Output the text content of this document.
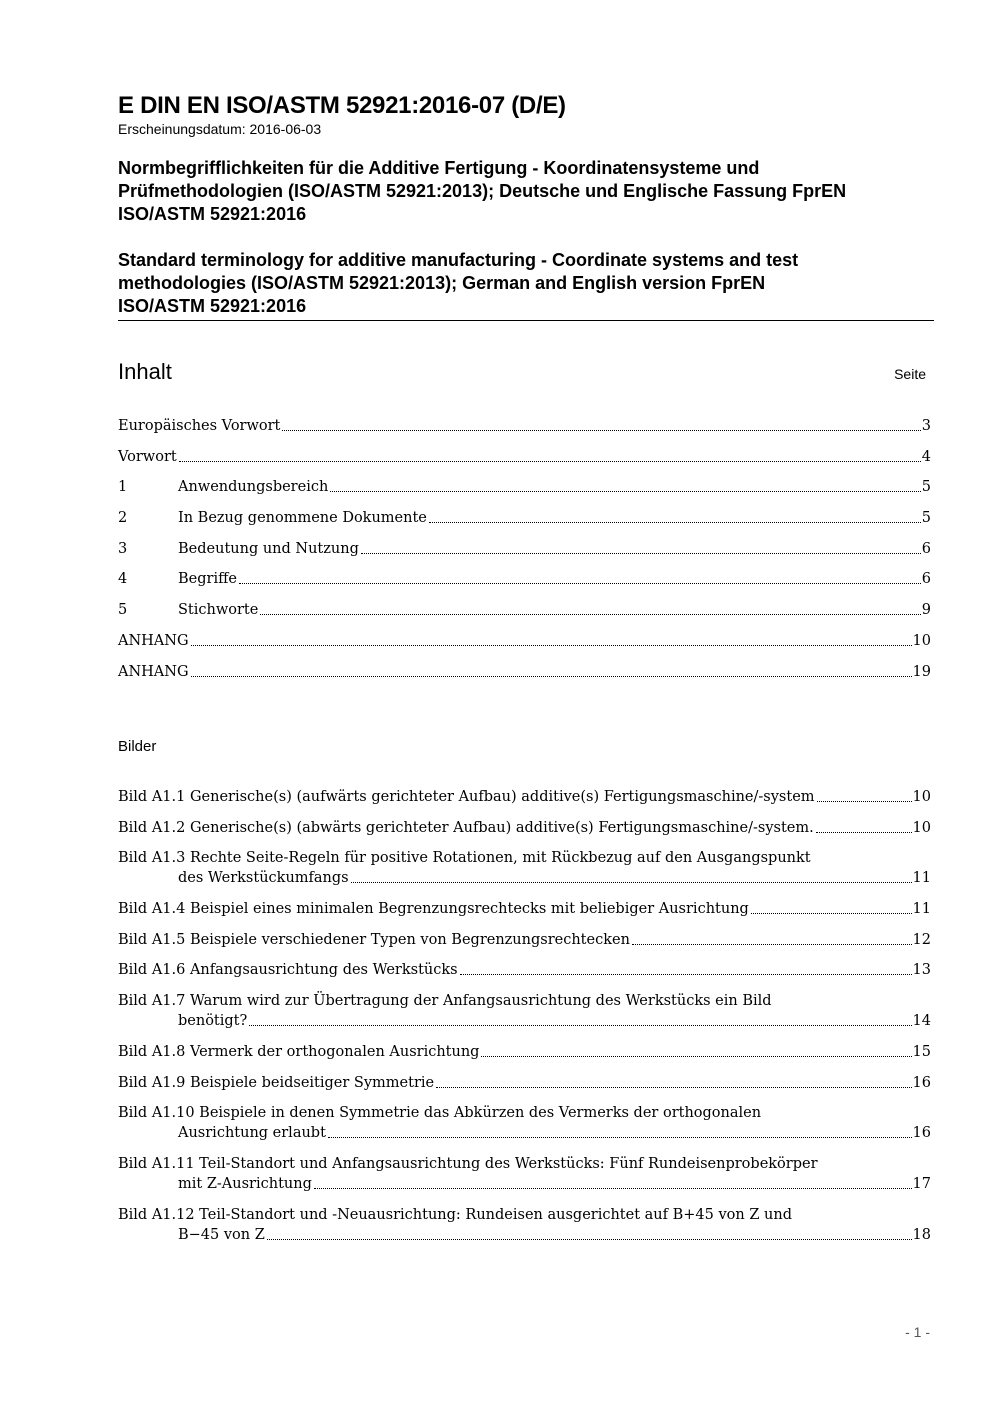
E DIN EN ISO/ASTM 52921:2016-07 (D/E)

Erscheinungsdatum: 2016-06-03

Normbegrifflichkeiten für die Additive Fertigung - Koordinatensysteme und
Prüfmethodologien (ISO/ASTM 52921:2013); Deutsche und Englische Fassung FprEN
ISO/ASTM 52921:2016
Standard terminology for additive manufacturing - Coordinate systems and test
methodologies (ISO/ASTM 52921:2013); German and English version FprEN
ISO/ASTM 52921:2016
Inhalt	Seite
Europäisches Vorwort	3
Vorwort	4
1	Anwendungsbereich	5
2	In Bezug genommene Dokumente	5
3	Bedeutung und Nutzung	6
4	Begriffe	6
5	Stichworte	9
ANHANG	10
ANHANG	19
Bilder
Bild A1.1 Generische(s) (aufwärts gerichteter Aufbau) additive(s) Fertigungsmaschine/-system	10
Bild A1.2 Generische(s) (abwärts gerichteter Aufbau) additive(s) Fertigungsmaschine/-system.	10
Bild A1.3 Rechte Seite-Regeln für positive Rotationen, mit Rückbezug auf den Ausgangspunkt
des Werkstückumfangs	11
Bild A1.4 Beispiel eines minimalen Begrenzungsrechtecks mit beliebiger Ausrichtung	11
Bild A1.5 Beispiele verschiedener Typen von Begrenzungsrechtecken	12
Bild A1.6 Anfangsausrichtung des Werkstücks	13
Bild A1.7 Warum wird zur Übertragung der Anfangsausrichtung des Werkstücks ein Bild
benötigt?	14
Bild A1.8 Vermerk der orthogonalen Ausrichtung	15
Bild A1.9 Beispiele beidseitiger Symmetrie	16
Bild A1.10 Beispiele in denen Symmetrie das Abkürzen des Vermerks der orthogonalen
Ausrichtung erlaubt	16
Bild A1.11 Teil-Standort und Anfangsausrichtung des Werkstücks: Fünf Rundeisenprobekörper
mit Z-Ausrichtung	17
Bild A1.12 Teil-Standort und -Neuausrichtung: Rundeisen ausgerichtet auf B+45 von Z und
B−45 von Z	18
- 1 -
